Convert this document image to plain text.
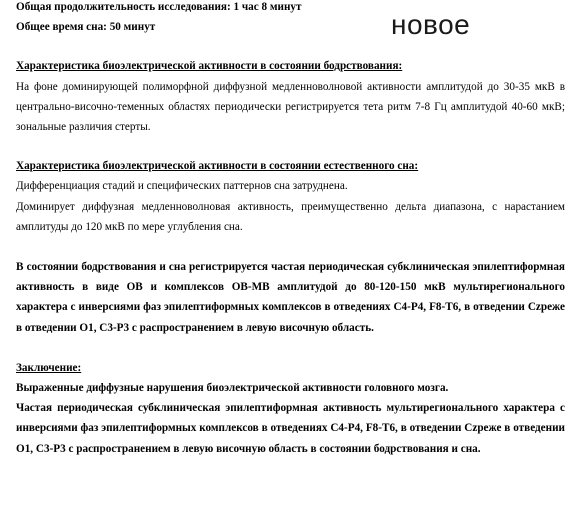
Общая продолжительность исследования: 1 час 8 минут
Общее время сна: 50 минут
Характеристика биоэлектрической активности в состоянии бодрствования:

На фоне доминирующей полиморфной диффузной медленноволновой активности амплитудой до 30-35 мкВ в центрально-височно-теменных областях периодически регистрируется тета ритм 7-8 Гц амплитудой 40-60 мкВ; зональные различия стерты.

Характеристика биоэлектрической активности в состоянии естественного сна:

Дифференциация стадий и специфических паттернов сна затруднена.

Доминирует диффузная медленноволновая активность, преимущественно дельта диапазона, с нарастанием амплитуды до 120 мкВ по мере углубления сна.

В состоянии бодрствования и сна регистрируется частая периодическая субклиническая эпилептиформная активность в виде ОВ и комплексов ОВ-МВ амплитудой до 80-120-150 мкВ мультирегионального характера с инверсиями фаз эпилептиформных комплексов в отведениях С4-Р4, F8-Т6, в отведении Czpeже в отведении О1, С3-Р3 с распространением в левую височную область.

Заключение:

Выраженные диффузные нарушения биоэлектрической активности головного мозга.

Частая периодическая субклиническая эпилептиформная активность мультирегионального характера с инверсиями фаз эпилептиформных комплексов в отведениях С4-Р4, F8-Т6, в отведении Czpeже в отведении О1, С3-Р3 с распространением в левую височную область в состоянии бодрствования и сна.

новое
